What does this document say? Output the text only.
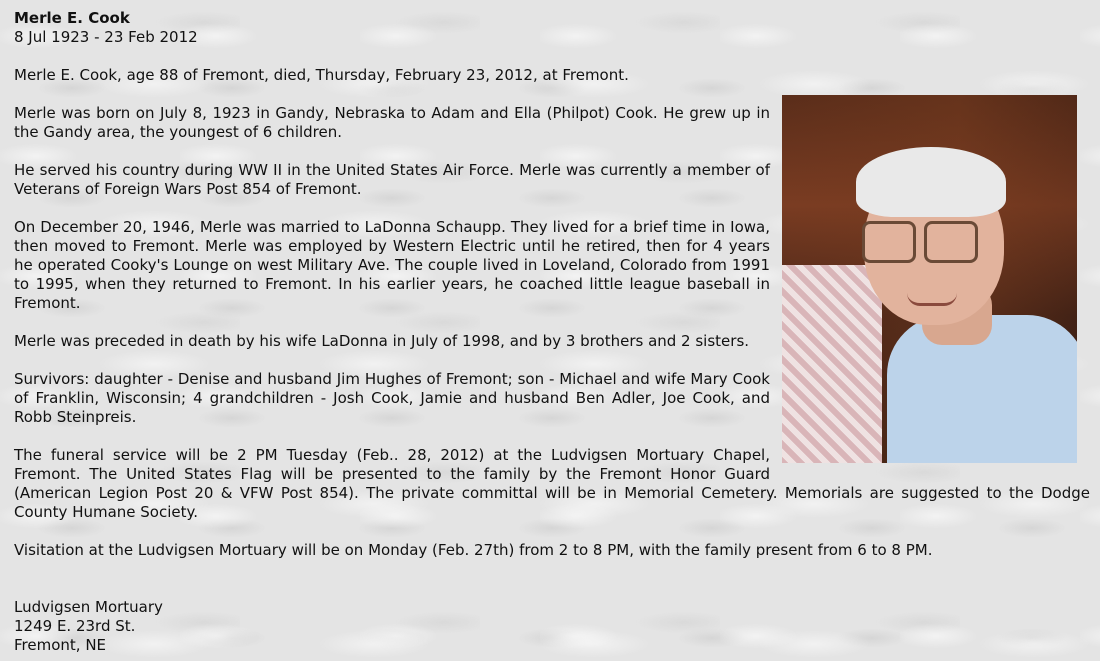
Merle E. Cook
8 Jul 1923 - 23 Feb 2012

Merle E. Cook, age 88 of Fremont, died, Thursday, February 23, 2012, at Fremont.

Merle was born on July 8, 1923 in Gandy, Nebraska to Adam and Ella (Philpot) Cook. He grew up in the Gandy area, the youngest of 6 children.

He served his country during WW II in the United States Air Force. Merle was currently a member of Veterans of Foreign Wars Post 854 of Fremont.

On December 20, 1946, Merle was married to LaDonna Schaupp. They lived for a brief time in Iowa, then moved to Fremont. Merle was employed by Western Electric until he retired, then for 4 years he operated Cooky's Lounge on west Military Ave. The couple lived in Loveland, Colorado from 1991 to 1995, when they returned to Fremont. In his earlier years, he coached little league baseball in Fremont.

Merle was preceded in death by his wife LaDonna in July of 1998, and by 3 brothers and 2 sisters.

Survivors: daughter - Denise and husband Jim Hughes of Fremont; son - Michael and wife Mary Cook of Franklin, Wisconsin; 4 grandchildren - Josh Cook, Jamie and husband Ben Adler, Joe Cook, and Robb Steinpreis.

The funeral service will be 2 PM Tuesday (Feb.. 28, 2012) at the Ludvigsen Mortuary Chapel, Fremont. The United States Flag will be presented to the family by the Fremont Honor Guard (American Legion Post 20 & VFW Post 854). The private committal will be in Memorial Cemetery. Memorials are suggested to the Dodge County Humane Society.

Visitation at the Ludvigsen Mortuary will be on Monday (Feb. 27th) from 2 to 8 PM, with the family present from 6 to 8 PM.

Ludvigsen Mortuary

1249 E. 23rd St.

Fremont, NE
